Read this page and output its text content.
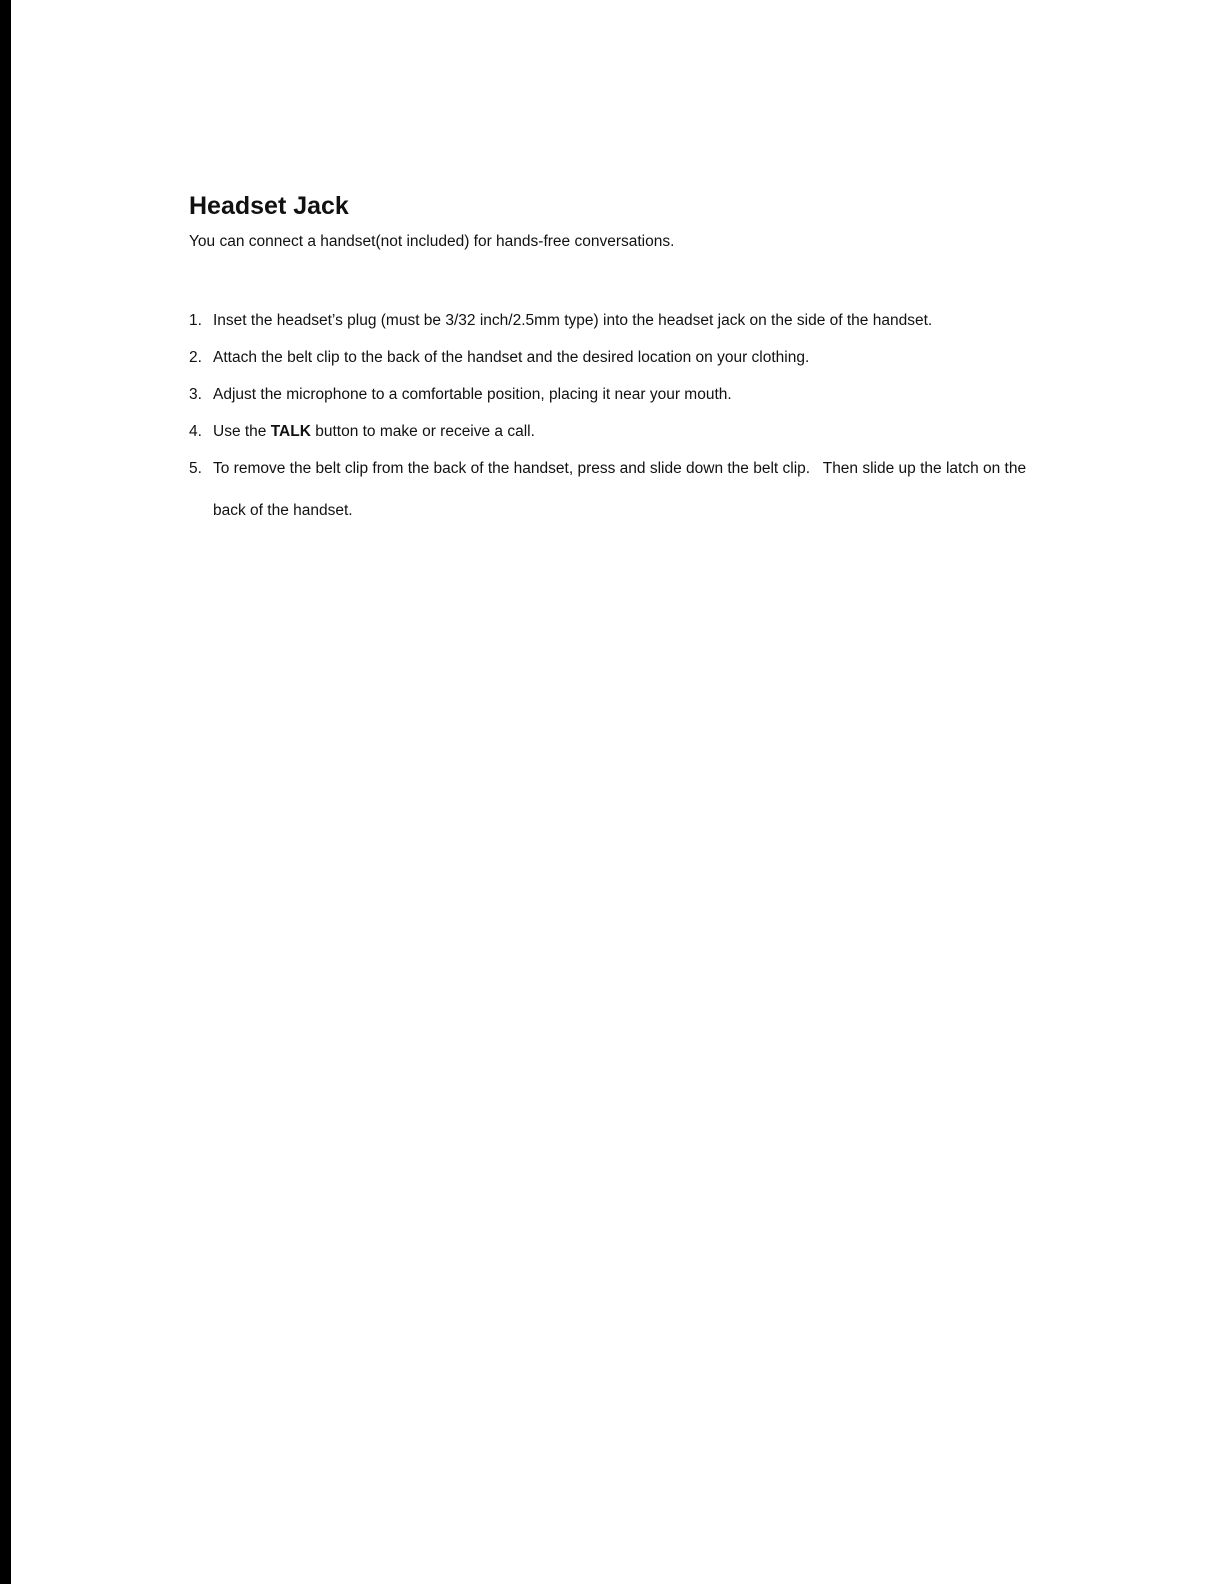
Headset Jack

You can connect a handset(not included) for hands-free conversations.

1. Inset the headset’s plug (must be 3/32 inch/2.5mm type) into the headset jack on the side of the handset.
2. Attach the belt clip to the back of the handset and the desired location on your clothing.
3. Adjust the microphone to a comfortable position, placing it near your mouth.
4. Use the TALK button to make or receive a call.
5. To remove the belt clip from the back of the handset, press and slide down the belt clip.   Then slide up the latch on the back of the handset.
